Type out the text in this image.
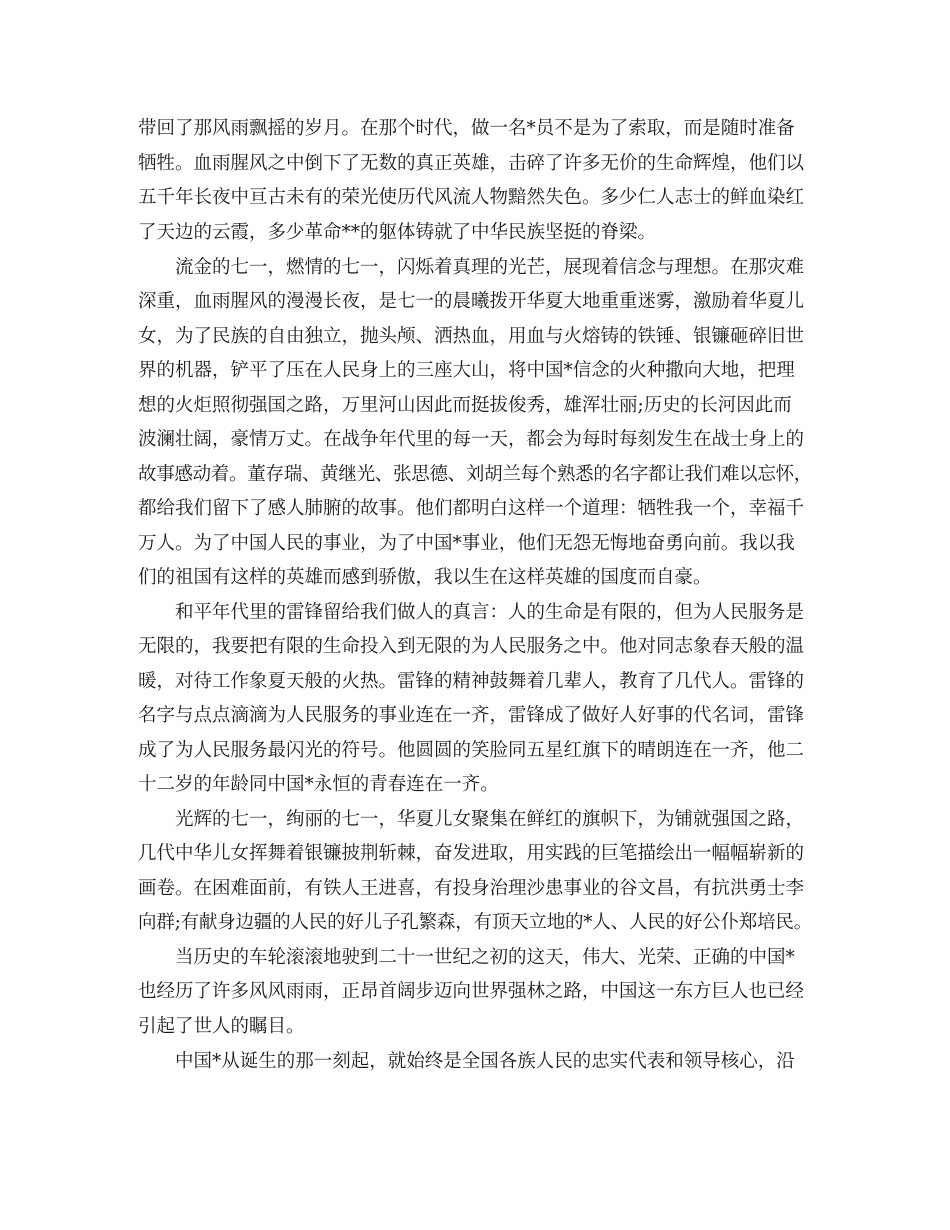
带回了那风雨飘摇的岁月。在那个时代，做一名*员不是为了索取，而是随时准备
牺牲。血雨腥风之中倒下了无数的真正英雄，击碎了许多无价的生命辉煌，他们以
五千年长夜中亘古未有的荣光使历代风流人物黯然失色。多少仁人志士的鲜血染红
了天边的云霞，多少革命**的躯体铸就了中华民族坚挺的脊梁。
流金的七一，燃情的七一，闪烁着真理的光芒，展现着信念与理想。在那灾难
深重，血雨腥风的漫漫长夜，是七一的晨曦拨开华夏大地重重迷雾，激励着华夏儿
女，为了民族的自由独立，抛头颅、洒热血，用血与火熔铸的铁锤、银镰砸碎旧世
界的机器，铲平了压在人民身上的三座大山，将中国*信念的火种撒向大地，把理
想的火炬照彻强国之路，万里河山因此而挺拔俊秀，雄浑壮丽;历史的长河因此而
波澜壮阔，豪情万丈。在战争年代里的每一天，都会为每时每刻发生在战士身上的
故事感动着。董存瑞、黄继光、张思德、刘胡兰每个熟悉的名字都让我们难以忘怀，
都给我们留下了感人肺腑的故事。他们都明白这样一个道理：牺牲我一个，幸福千
万人。为了中国人民的事业，为了中国*事业，他们无怨无悔地奋勇向前。我以我
们的祖国有这样的英雄而感到骄傲，我以生在这样英雄的国度而自豪。
和平年代里的雷锋留给我们做人的真言：人的生命是有限的，但为人民服务是
无限的，我要把有限的生命投入到无限的为人民服务之中。他对同志象春天般的温
暖，对待工作象夏天般的火热。雷锋的精神鼓舞着几辈人，教育了几代人。雷锋的
名字与点点滴滴为人民服务的事业连在一齐，雷锋成了做好人好事的代名词，雷锋
成了为人民服务最闪光的符号。他圆圆的笑脸同五星红旗下的晴朗连在一齐，他二
十二岁的年龄同中国*永恒的青春连在一齐。
光辉的七一，绚丽的七一，华夏儿女聚集在鲜红的旗帜下，为铺就强国之路，
几代中华儿女挥舞着银镰披荆斩棘，奋发进取，用实践的巨笔描绘出一幅幅崭新的
画卷。在困难面前，有铁人王进喜，有投身治理沙患事业的谷文昌，有抗洪勇士李
向群;有献身边疆的人民的好儿子孔繁森，有顶天立地的*人、人民的好公仆郑培民。
当历史的车轮滚滚地驶到二十一世纪之初的这天，伟大、光荣、正确的中国*
也经历了许多风风雨雨，正昂首阔步迈向世界强林之路，中国这一东方巨人也已经
引起了世人的瞩目。
中国*从诞生的那一刻起，就始终是全国各族人民的忠实代表和领导核心，沿
